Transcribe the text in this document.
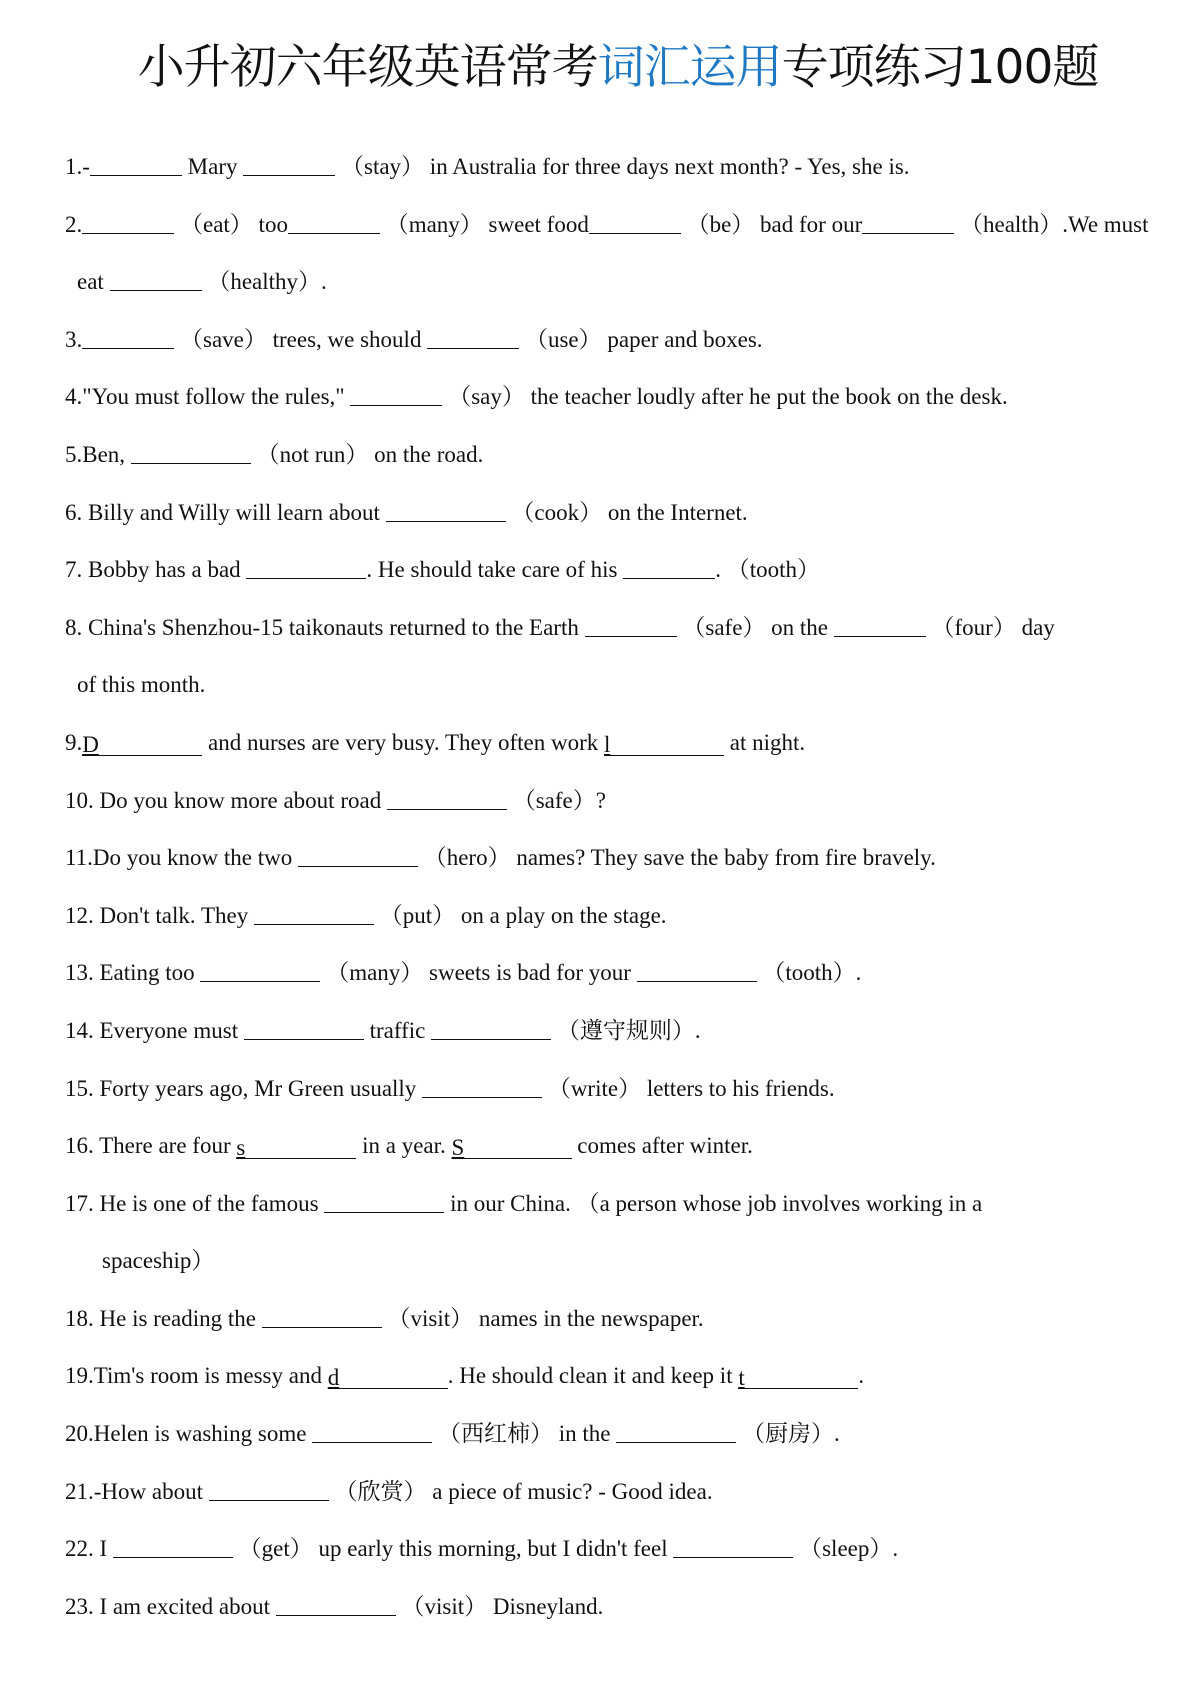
小升初六年级英语常考词汇运用专项练习100题
1.-	Mary	（stay） in Australia for three days next month? - Yes, she is.
2.	（eat） too	（many） sweet food	（be） bad for our	（health）.We must
eat	（healthy）.
3.	（save） trees, we should	（use） paper and boxes.
4."You must follow the rules,"	（say） the teacher loudly after he put the book on the desk.
5.Ben,	（not run） on the road.
6. Billy and Willy will learn about	（cook） on the Internet.
7. Bobby has a bad	. He should take care of his	. （tooth）
8. China's Shenzhou-15 taikonauts returned to the Earth	（safe） on the	（four） day
of this month.
9.D	and nurses are very busy. They often work l	at night.
10. Do you know more about road	（safe）?
11.Do you know the two	（hero） names? They save the baby from fire bravely.
12. Don't talk. They	（put） on a play on the stage.
13. Eating too	（many） sweets is bad for your	（tooth）.
14. Everyone must	traffic	（遵守规则）.
15. Forty years ago, Mr Green usually	（write） letters to his friends.
16. There are four s	in a year. S	comes after winter.
17. He is one of the famous	in our China. （a person whose job involves working in a
spaceship）
18. He is reading the	（visit） names in the newspaper.
19.Tim's room is messy and d	. He should clean it and keep it t	.
20.Helen is washing some	（西红柿） in the	（厨房）.
21.-How about	（欣赏） a piece of music? - Good idea.
22. I	（get） up early this morning, but I didn't feel	（sleep）.
23. I am excited about	（visit） Disneyland.
